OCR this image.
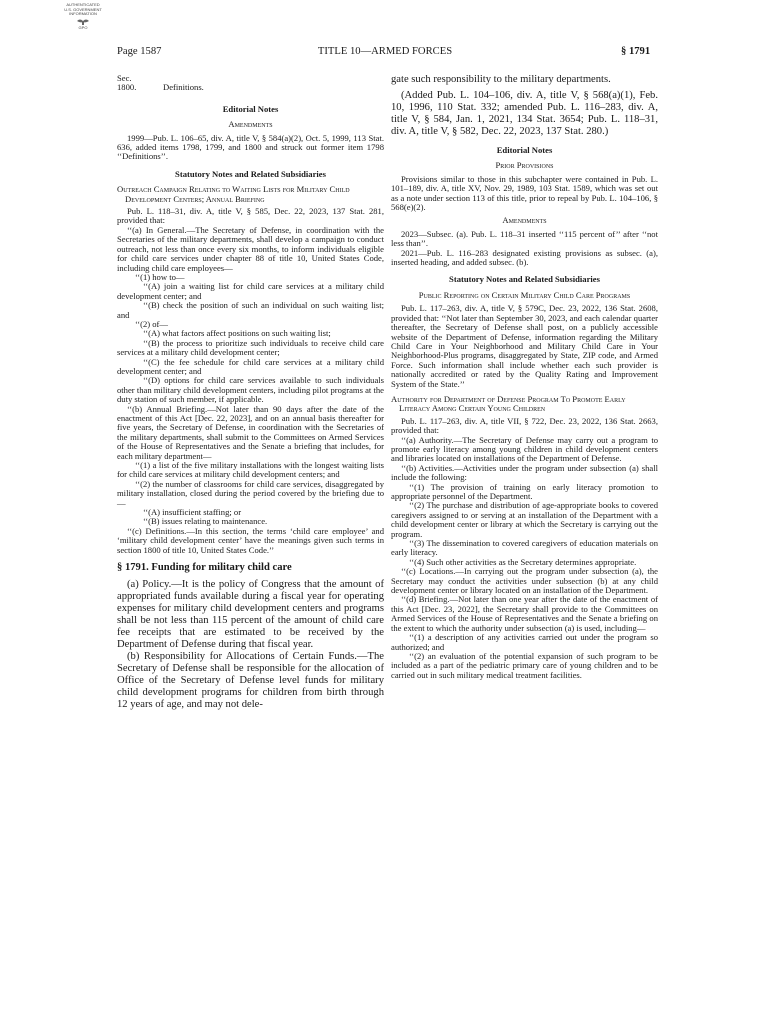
AUTHENTICATED
U.S. GOVERNMENT
INFORMATION
GPO
Page 1587	TITLE 10—ARMED FORCES	§ 1791

Sec.

1800.	Definitions.

Editorial Notes

Amendments

1999—Pub. L. 106–65, div. A, title V, § 584(a)(2), Oct. 5, 1999, 113 Stat. 636, added items 1798, 1799, and 1800 and struck out former item 1798 ‘‘Definitions’’.

Statutory Notes and Related Subsidiaries

Outreach Campaign Relating to Waiting Lists for Military Child Development Centers; Annual Briefing

Pub. L. 118–31, div. A, title V, § 585, Dec. 22, 2023, 137 Stat. 281, provided that:

‘‘(a) In General.—The Secretary of Defense, in coordination with the Secretaries of the military departments, shall develop a campaign to conduct outreach, not less than once every six months, to inform individuals eligible for child care services under chapter 88 of title 10, United States Code, including child care employees—

‘‘(1) how to—

‘‘(A) join a waiting list for child care services at a military child development center; and

‘‘(B) check the position of such an individual on such waiting list; and

‘‘(2) of—

‘‘(A) what factors affect positions on such waiting list;

‘‘(B) the process to prioritize such individuals to receive child care services at a military child development center;

‘‘(C) the fee schedule for child care services at a military child development center; and

‘‘(D) options for child care services available to such individuals other than military child development centers, including pilot programs at the duty station of such member, if applicable.

‘‘(b) Annual Briefing.—Not later than 90 days after the date of the enactment of this Act [Dec. 22, 2023], and on an annual basis thereafter for five years, the Secretary of Defense, in coordination with the Secretaries of the military departments, shall submit to the Committees on Armed Services of the House of Representatives and the Senate a briefing that includes, for each military department—

‘‘(1) a list of the five military installations with the longest waiting lists for child care services at military child development centers; and

‘‘(2) the number of classrooms for child care services, disaggregated by military installation, closed during the period covered by the briefing due to—

‘‘(A) insufficient staffing; or

‘‘(B) issues relating to maintenance.

‘‘(c) Definitions.—In this section, the terms ‘child care employee’ and ‘military child development center’ have the meanings given such terms in section 1800 of title 10, United States Code.’’

§ 1791. Funding for military child care

(a) Policy.—It is the policy of Congress that the amount of appropriated funds available during a fiscal year for operating expenses for military child development centers and programs shall be not less than 115 percent of the amount of child care fee receipts that are estimated to be received by the Department of Defense during that fiscal year.

(b) Responsibility for Allocations of Certain Funds.—The Secretary of Defense shall be responsible for the allocation of Office of the Secretary of Defense level funds for military child development programs for children from birth through 12 years of age, and may not dele-

gate such responsibility to the military departments.

(Added Pub. L. 104–106, div. A, title V, § 568(a)(1), Feb. 10, 1996, 110 Stat. 332; amended Pub. L. 116–283, div. A, title V, § 584, Jan. 1, 2021, 134 Stat. 3654; Pub. L. 118–31, div. A, title V, § 582, Dec. 22, 2023, 137 Stat. 280.)

Editorial Notes

Prior Provisions

Provisions similar to those in this subchapter were contained in Pub. L. 101–189, div. A, title XV, Nov. 29, 1989, 103 Stat. 1589, which was set out as a note under section 113 of this title, prior to repeal by Pub. L. 104–106, § 568(e)(2).

Amendments

2023—Subsec. (a). Pub. L. 118–31 inserted ‘‘115 percent of’’ after ‘‘not less than’’.

2021—Pub. L. 116–283 designated existing provisions as subsec. (a), inserted heading, and added subsec. (b).

Statutory Notes and Related Subsidiaries

Public Reporting on Certain Military Child Care Programs

Pub. L. 117–263, div. A, title V, § 579C, Dec. 23, 2022, 136 Stat. 2608, provided that: ‘‘Not later than September 30, 2023, and each calendar quarter thereafter, the Secretary of Defense shall post, on a publicly accessible website of the Department of Defense, information regarding the Military Child Care in Your Neighborhood and Military Child Care in Your Neighborhood-Plus programs, disaggregated by State, ZIP code, and Armed Force. Such information shall include whether each such provider is nationally accredited or rated by the Quality Rating and Improvement System of the State.’’

Authority for Department of Defense Program To Promote Early Literacy Among Certain Young Children

Pub. L. 117–263, div. A, title VII, § 722, Dec. 23, 2022, 136 Stat. 2663, provided that:

‘‘(a) Authority.—The Secretary of Defense may carry out a program to promote early literacy among young children in child development centers and libraries located on installations of the Department of Defense.

‘‘(b) Activities.—Activities under the program under subsection (a) shall include the following:

‘‘(1) The provision of training on early literacy promotion to appropriate personnel of the Department.

‘‘(2) The purchase and distribution of age-appropriate books to covered caregivers assigned to or serving at an installation of the Department with a child development center or library at which the Secretary is carrying out the program.

‘‘(3) The dissemination to covered caregivers of education materials on early literacy.

‘‘(4) Such other activities as the Secretary determines appropriate.

‘‘(c) Locations.—In carrying out the program under subsection (a), the Secretary may conduct the activities under subsection (b) at any child development center or library located on an installation of the Department.

‘‘(d) Briefing.—Not later than one year after the date of the enactment of this Act [Dec. 23, 2022], the Secretary shall provide to the Committees on Armed Services of the House of Representatives and the Senate a briefing on the extent to which the authority under subsection (a) is used, including—

‘‘(1) a description of any activities carried out under the program so authorized; and

‘‘(2) an evaluation of the potential expansion of such program to be included as a part of the pediatric primary care of young children and to be carried out in such military medical treatment facilities.
